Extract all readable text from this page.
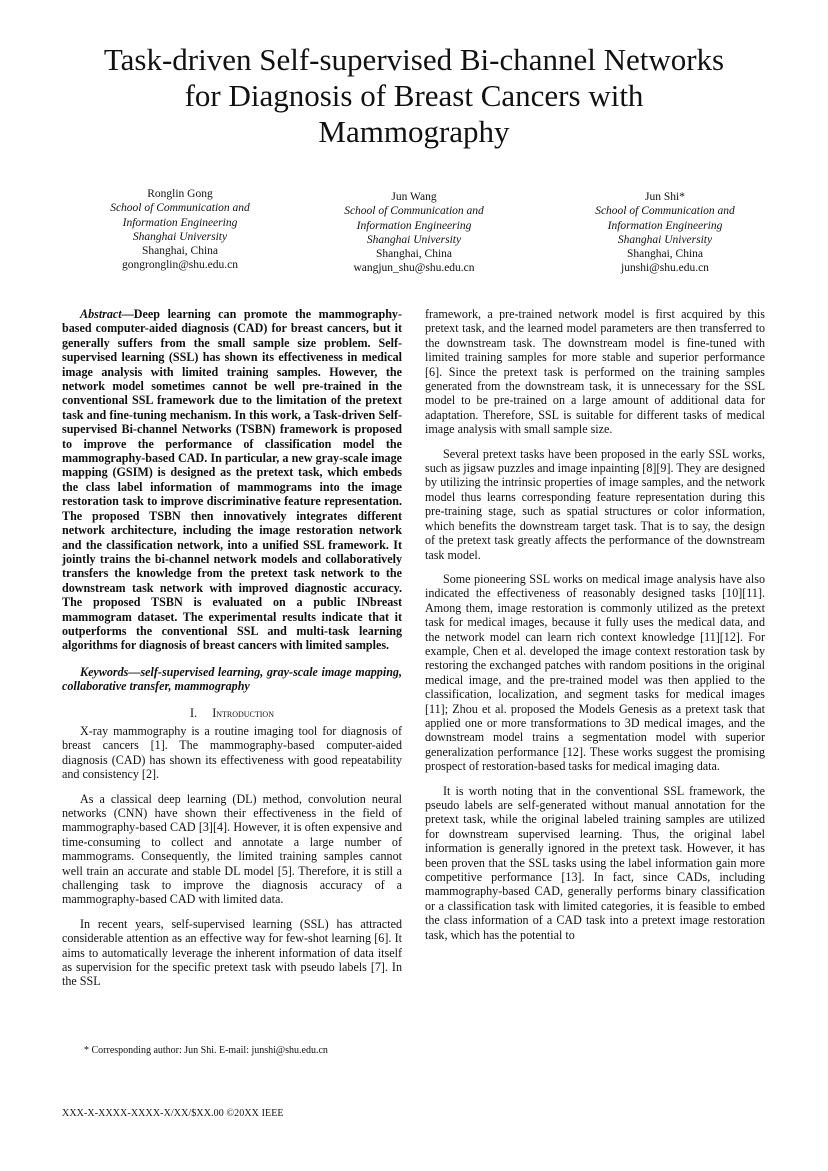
Task-driven Self-supervised Bi-channel Networks
for Diagnosis of Breast Cancers with
Mammography
Ronglin Gong
School of Communication and
Information Engineering
Shanghai University
Shanghai, China
gongronglin@shu.edu.cn
Jun Wang
School of Communication and
Information Engineering
Shanghai University
Shanghai, China
wangjun_shu@shu.edu.cn
Jun Shi*
School of Communication and
Information Engineering
Shanghai University
Shanghai, China
junshi@shu.edu.cn

Abstract—Deep learning can promote the mammography-based computer-aided diagnosis (CAD) for breast cancers, but it generally suffers from the small sample size problem. Self-supervised learning (SSL) has shown its effectiveness in medical image analysis with limited training samples. However, the network model sometimes cannot be well pre-trained in the conventional SSL framework due to the limitation of the pretext task and fine-tuning mechanism. In this work, a Task-driven Self-supervised Bi-channel Networks (TSBN) framework is proposed to improve the performance of classification model the mammography-based CAD. In particular, a new gray-scale image mapping (GSIM) is designed as the pretext task, which embeds the class label information of mammograms into the image restoration task to improve discriminative feature representation. The proposed TSBN then innovatively integrates different network architecture, including the image restoration network and the classification network, into a unified SSL framework. It jointly trains the bi-channel network models and collaboratively transfers the knowledge from the pretext task network to the downstream task network with improved diagnostic accuracy. The proposed TSBN is evaluated on a public INbreast mammogram dataset. The experimental results indicate that it outperforms the conventional SSL and multi-task learning algorithms for diagnosis of breast cancers with limited samples.

Keywords—self-supervised learning, gray-scale image mapping, collaborative transfer, mammography

I. Introduction

X-ray mammography is a routine imaging tool for diagnosis of breast cancers [1]. The mammography-based computer-aided diagnosis (CAD) has shown its effectiveness with good repeatability and consistency [2].

As a classical deep learning (DL) method, convolution neural networks (CNN) have shown their effectiveness in the field of mammography-based CAD [3][4]. However, it is often expensive and time-consuming to collect and annotate a large number of mammograms. Consequently, the limited training samples cannot well train an accurate and stable DL model [5]. Therefore, it is still a challenging task to improve the diagnosis accuracy of a mammography-based CAD with limited data.

In recent years, self-supervised learning (SSL) has attracted considerable attention as an effective way for few-shot learning [6]. It aims to automatically leverage the inherent information of data itself as supervision for the specific pretext task with pseudo labels [7]. In the SSL

framework, a pre-trained network model is first acquired by this pretext task, and the learned model parameters are then transferred to the downstream task. The downstream model is fine-tuned with limited training samples for more stable and superior performance [6]. Since the pretext task is performed on the training samples generated from the downstream task, it is unnecessary for the SSL model to be pre-trained on a large amount of additional data for adaptation. Therefore, SSL is suitable for different tasks of medical image analysis with small sample size.

Several pretext tasks have been proposed in the early SSL works, such as jigsaw puzzles and image inpainting [8][9]. They are designed by utilizing the intrinsic properties of image samples, and the network model thus learns corresponding feature representation during this pre-training stage, such as spatial structures or color information, which benefits the downstream target task. That is to say, the design of the pretext task greatly affects the performance of the downstream task model.

Some pioneering SSL works on medical image analysis have also indicated the effectiveness of reasonably designed tasks [10][11]. Among them, image restoration is commonly utilized as the pretext task for medical images, because it fully uses the medical data, and the network model can learn rich context knowledge [11][12]. For example, Chen et al. developed the image context restoration task by restoring the exchanged patches with random positions in the original medical image, and the pre-trained model was then applied to the classification, localization, and segment tasks for medical images [11]; Zhou et al. proposed the Models Genesis as a pretext task that applied one or more transformations to 3D medical images, and the downstream model trains a segmentation model with superior generalization performance [12]. These works suggest the promising prospect of restoration-based tasks for medical imaging data.

It is worth noting that in the conventional SSL framework, the pseudo labels are self-generated without manual annotation for the pretext task, while the original labeled training samples are utilized for downstream supervised learning. Thus, the original label information is generally ignored in the pretext task. However, it has been proven that the SSL tasks using the label information gain more competitive performance [13]. In fact, since CADs, including mammography-based CAD, generally performs binary classification or a classification task with limited categories, it is feasible to embed the class information of a CAD task into a pretext image restoration task, which has the potential to

* Corresponding author: Jun Shi. E-mail: junshi@shu.edu.cn
XXX-X-XXXX-XXXX-X/XX/$XX.00 ©20XX IEEE
